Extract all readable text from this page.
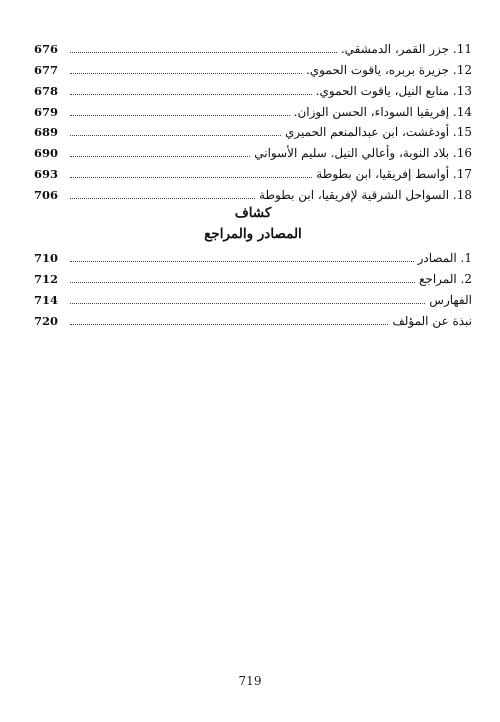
676	11. جزر القمر، الدمشقي.
677	12. جزيرة بربره، ياقوت الحموي.
678	13. منابع النيل، ياقوت الحموي.
679	14. إفريقيا السوداء، الحسن الوزان.
689	15. أودغشت، ابن عبدالمنعم الحميري
690	16. بلاد النوبة، وأعالي النيل. سليم الأسواني
693	17. أواسط إفريقيا، ابن بطوطة
706	18. السواحل الشرقية لإفريقيا، ابن بطوطة
كشاف
المصادر والمراجع
710	1. المصادر
712	2. المراجع
714	الفهارس
720	نبذة عن المؤلف
719
